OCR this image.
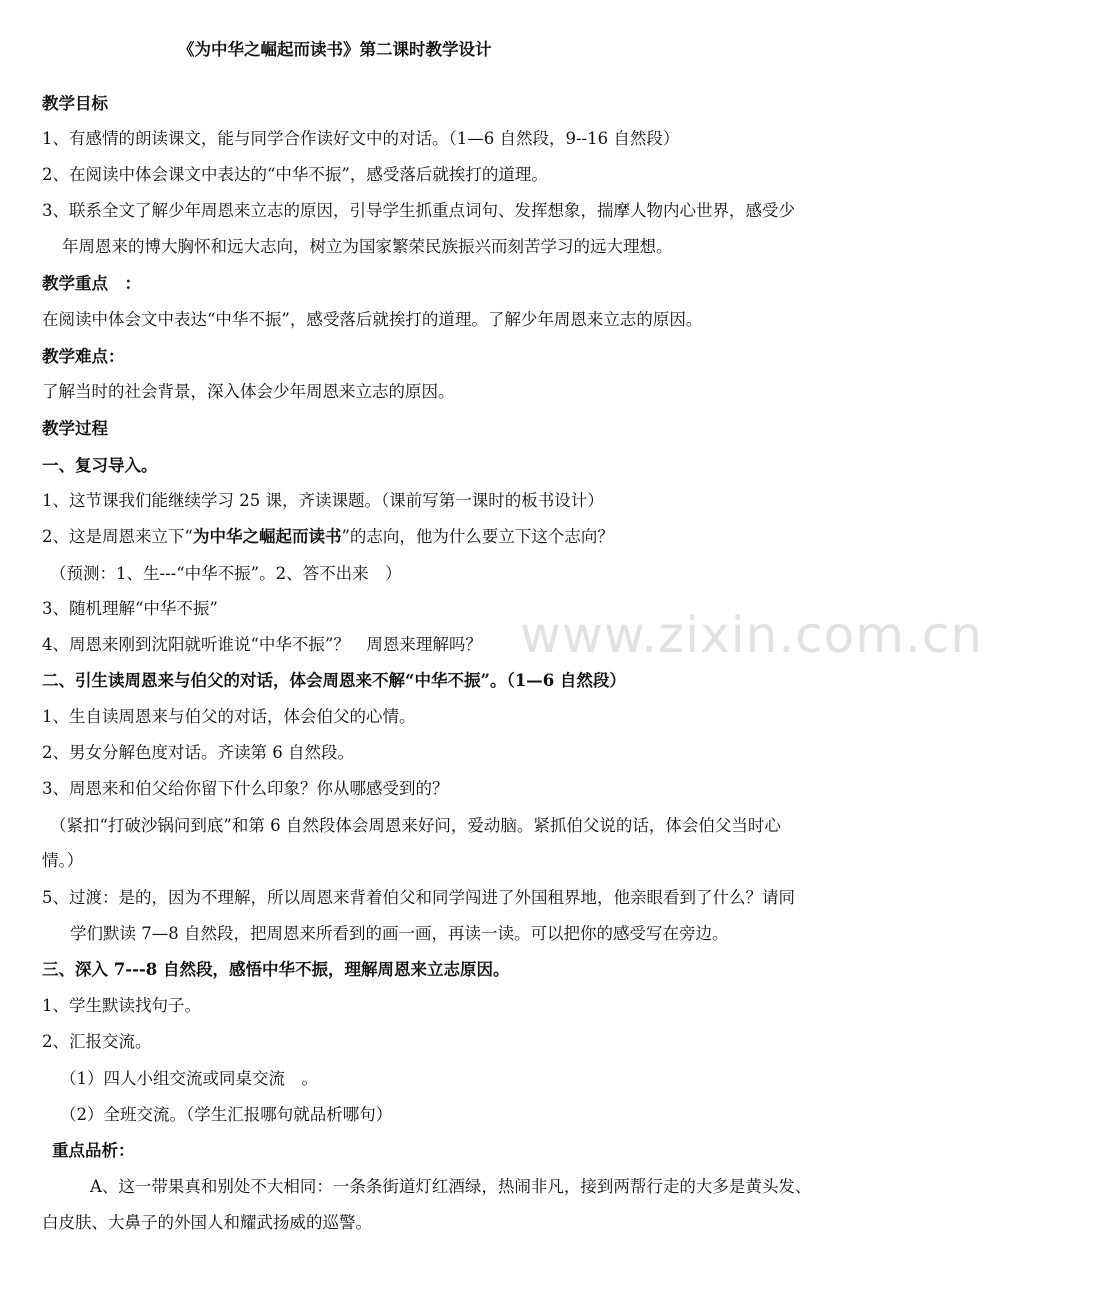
《为中华之崛起而读书》第二课时教学设计
www.zixin.com.cn
教学目标
1、有感情的朗读课文，能与同学合作读好文中的对话。（1—6 自然段，9--16 自然段）
2、在阅读中体会课文中表达的“中华不振”，感受落后就挨打的道理。
3、联系全文了解少年周恩来立志的原因，引导学生抓重点词句、发挥想象，揣摩人物内心世界，感受少
年周恩来的博大胸怀和远大志向，树立为国家繁荣民族振兴而刻苦学习的远大理想。
教学重点　：
在阅读中体会文中表达“中华不振”，感受落后就挨打的道理。了解少年周恩来立志的原因。
教学难点：
了解当时的社会背景，深入体会少年周恩来立志的原因。
教学过程
一、复习导入。
1、这节课我们能继续学习 25 课，齐读课题。（课前写第一课时的板书设计）
2、这是周恩来立下“为中华之崛起而读书”的志向，他为什么要立下这个志向？
（预测：1、生---“中华不振”。2、答不出来　）
3、随机理解“中华不振”
4、周恩来刚到沈阳就听谁说“中华不振”？　周恩来理解吗？
二、引生读周恩来与伯父的对话，体会周恩来不解“中华不振”。（1—6 自然段）
1、生自读周恩来与伯父的对话，体会伯父的心情。
2、男女分解色度对话。齐读第 6 自然段。
3、周恩来和伯父给你留下什么印象？你从哪感受到的？
（紧扣“打破沙锅问到底”和第 6 自然段体会周恩来好问，爱动脑。紧抓伯父说的话，体会伯父当时心
情。）
5、过渡：是的，因为不理解，所以周恩来背着伯父和同学闯进了外国租界地，他亲眼看到了什么？请同
学们默读 7—8 自然段，把周恩来所看到的画一画，再读一读。可以把你的感受写在旁边。
三、深入 7---8 自然段，感悟中华不振，理解周恩来立志原因。
1、学生默读找句子。
2、汇报交流。
（1）四人小组交流或同桌交流　。
（2）全班交流。（学生汇报哪句就品析哪句）
重点品析：
A、这一带果真和别处不大相同：一条条街道灯红酒绿，热闹非凡，接到两帮行走的大多是黄头发、
白皮肤、大鼻子的外国人和耀武扬威的巡警。
